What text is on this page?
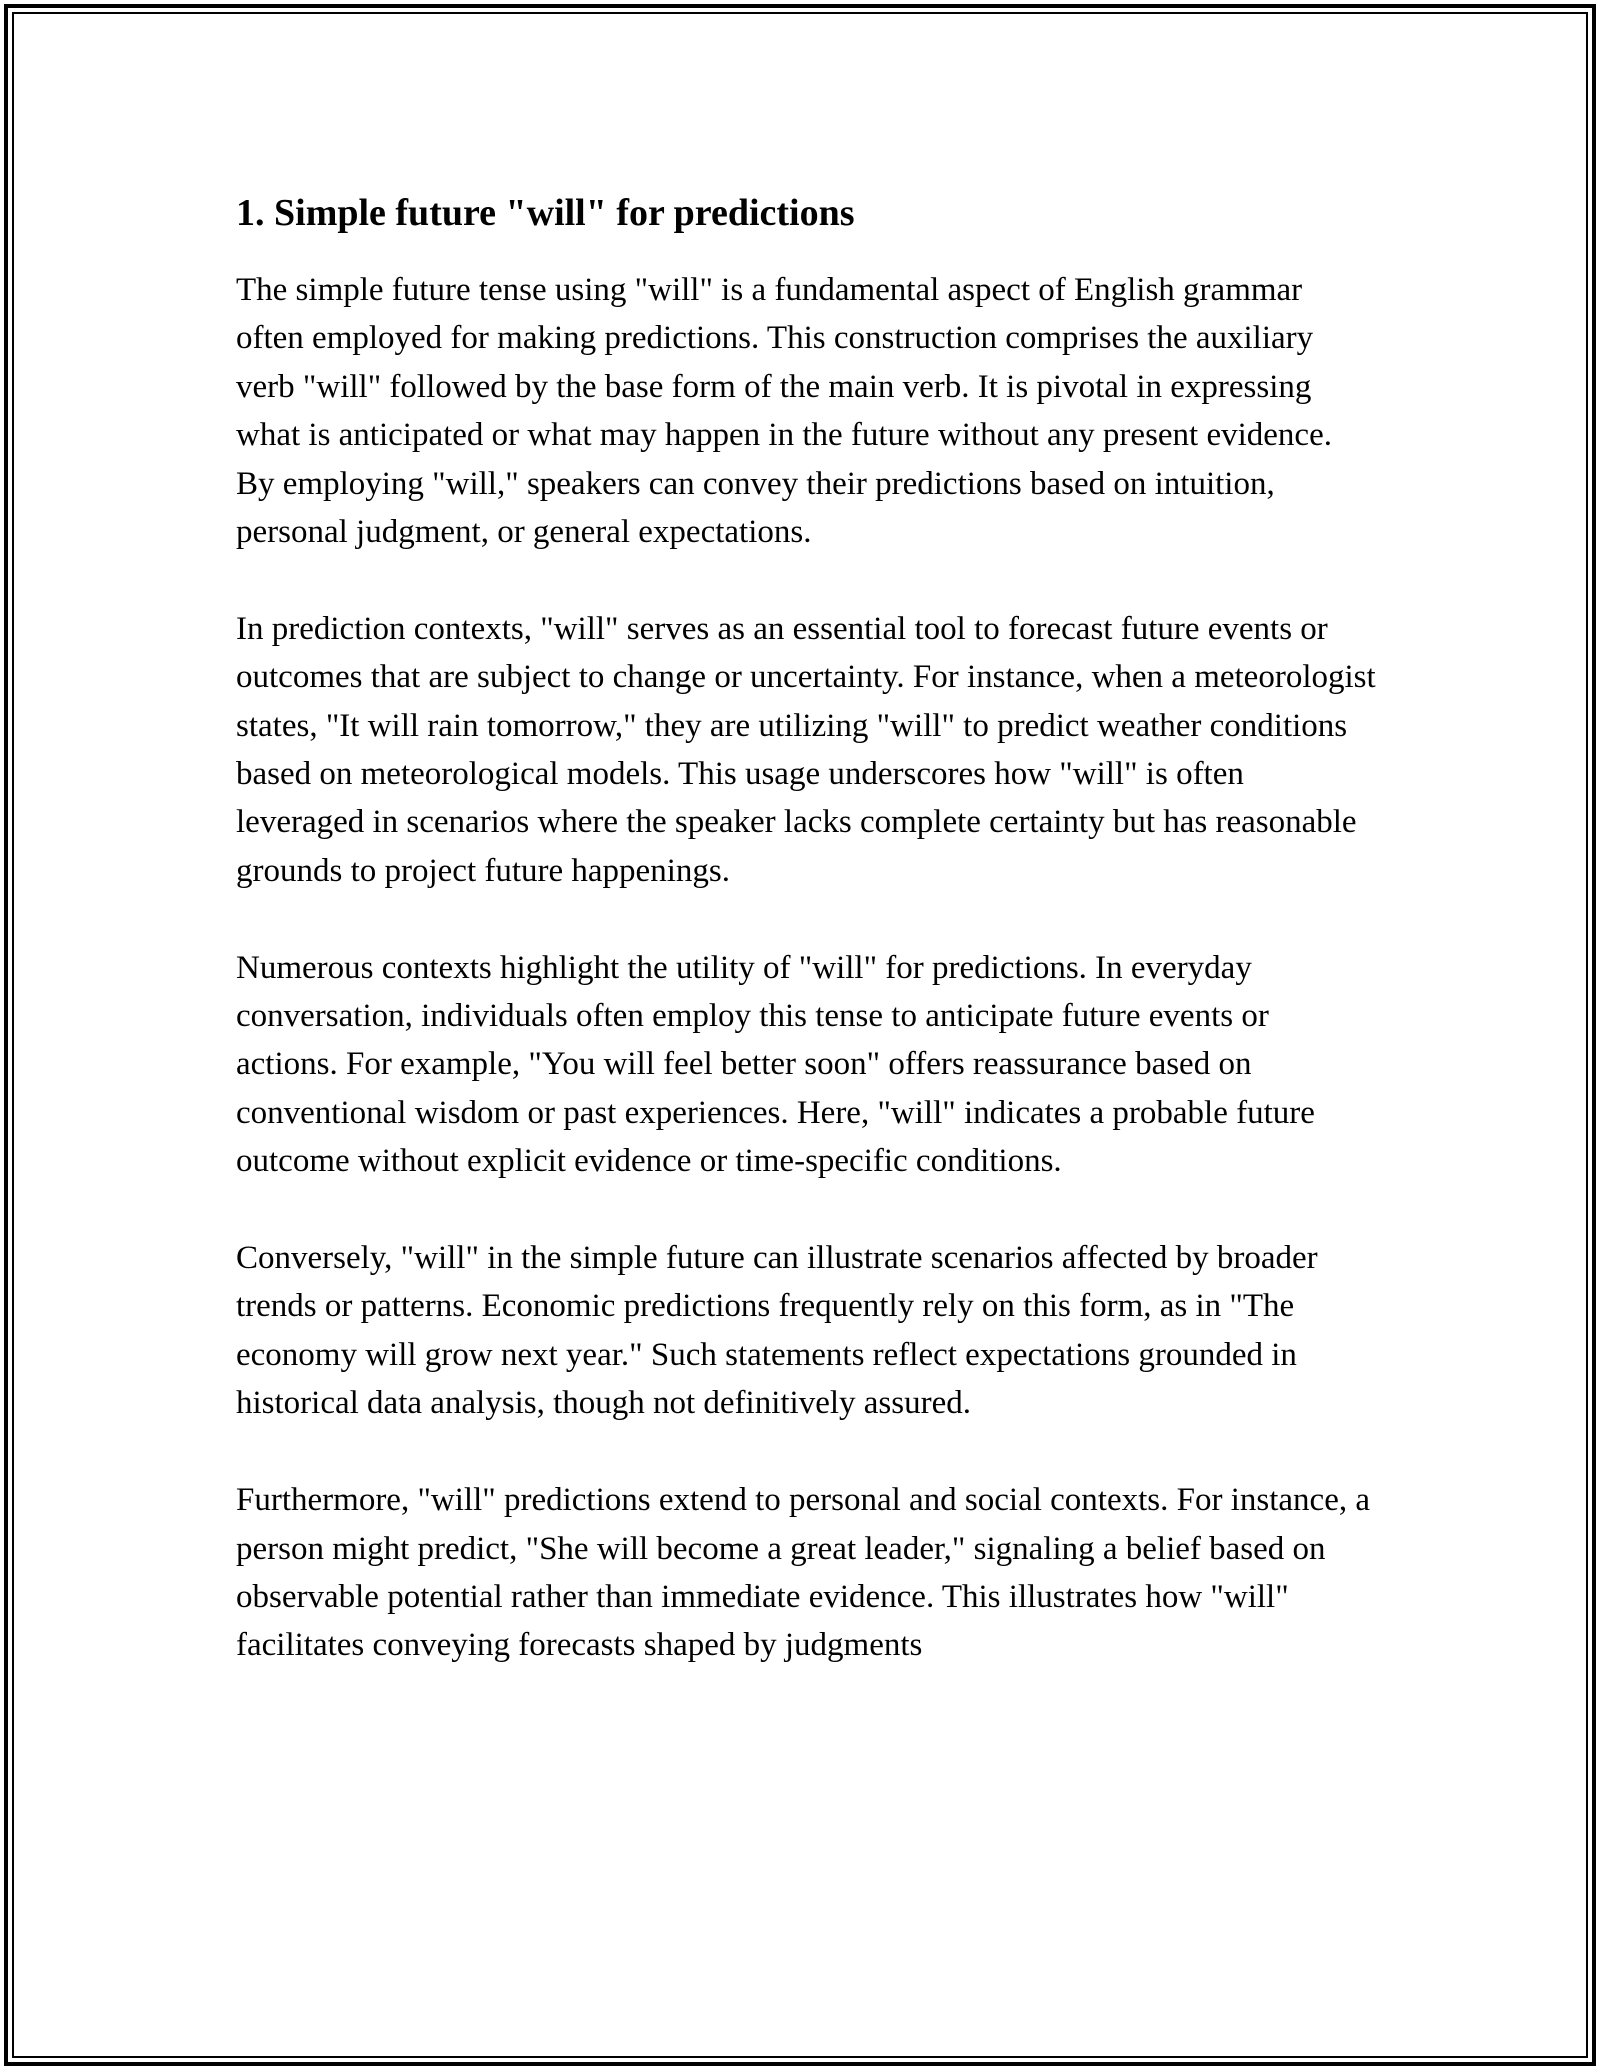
1. Simple future "will" for predictions

The simple future tense using "will" is a fundamental aspect of English grammar often employed for making predictions. This construction comprises the auxiliary verb "will" followed by the base form of the main verb. It is pivotal in expressing what is anticipated or what may happen in the future without any present evidence. By employing "will," speakers can convey their predictions based on intuition, personal judgment, or general expectations.

In prediction contexts, "will" serves as an essential tool to forecast future events or outcomes that are subject to change or uncertainty. For instance, when a meteorologist states, "It will rain tomorrow," they are utilizing "will" to predict weather conditions based on meteorological models. This usage underscores how "will" is often leveraged in scenarios where the speaker lacks complete certainty but has reasonable grounds to project future happenings.

Numerous contexts highlight the utility of "will" for predictions. In everyday conversation, individuals often employ this tense to anticipate future events or actions. For example, "You will feel better soon" offers reassurance based on conventional wisdom or past experiences. Here, "will" indicates a probable future outcome without explicit evidence or time-specific conditions.

Conversely, "will" in the simple future can illustrate scenarios affected by broader trends or patterns. Economic predictions frequently rely on this form, as in "The economy will grow next year." Such statements reflect expectations grounded in historical data analysis, though not definitively assured.

Furthermore, "will" predictions extend to personal and social contexts. For instance, a person might predict, "She will become a great leader," signaling a belief based on observable potential rather than immediate evidence. This illustrates how "will" facilitates conveying forecasts shaped by judgments
